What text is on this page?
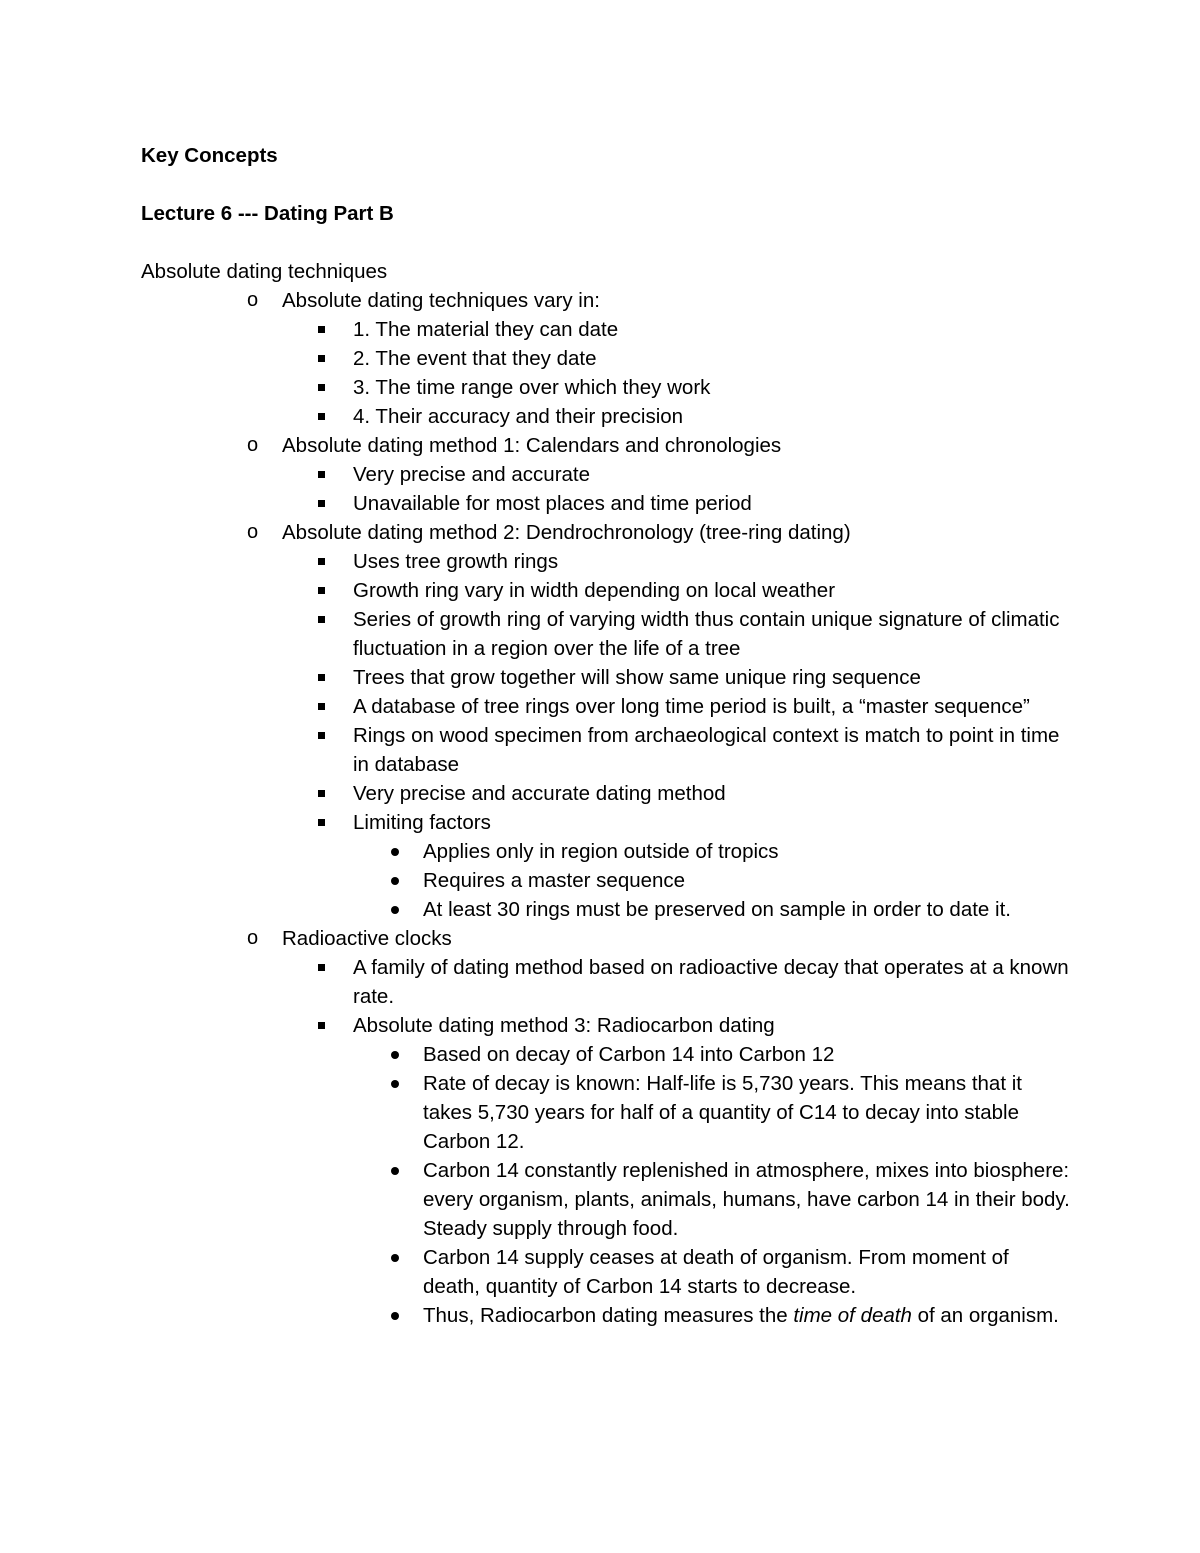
Key Concepts

Lecture 6 --- Dating Part B

Absolute dating techniques

o Absolute dating techniques vary in:
1. The material they can date
2. The event that they date
3. The time range over which they work
4. Their accuracy and their precision
o Absolute dating method 1: Calendars and chronologies
Very precise and accurate
Unavailable for most places and time period
o Absolute dating method 2: Dendrochronology (tree-ring dating)
Uses tree growth rings
Growth ring vary in width depending on local weather
Series of growth ring of varying width thus contain unique signature of climatic fluctuation in a region over the life of a tree
Trees that grow together will show same unique ring sequence
A database of tree rings over long time period is built, a “master sequence”
Rings on wood specimen from archaeological context is match to point in time in database
Very precise and accurate dating method
Limiting factors
Applies only in region outside of tropics
Requires a master sequence
At least 30 rings must be preserved on sample in order to date it.
o Radioactive clocks
A family of dating method based on radioactive decay that operates at a known rate.
Absolute dating method 3: Radiocarbon dating
Based on decay of Carbon 14 into Carbon 12
Rate of decay is known: Half-life is 5,730 years. This means that it takes 5,730 years for half of a quantity of C14 to decay into stable Carbon 12.
Carbon 14 constantly replenished in atmosphere, mixes into biosphere: every organism, plants, animals, humans, have carbon 14 in their body. Steady supply through food.
Carbon 14 supply ceases at death of organism. From moment of death, quantity of Carbon 14 starts to decrease.
Thus, Radiocarbon dating measures the time of death of an organism.
